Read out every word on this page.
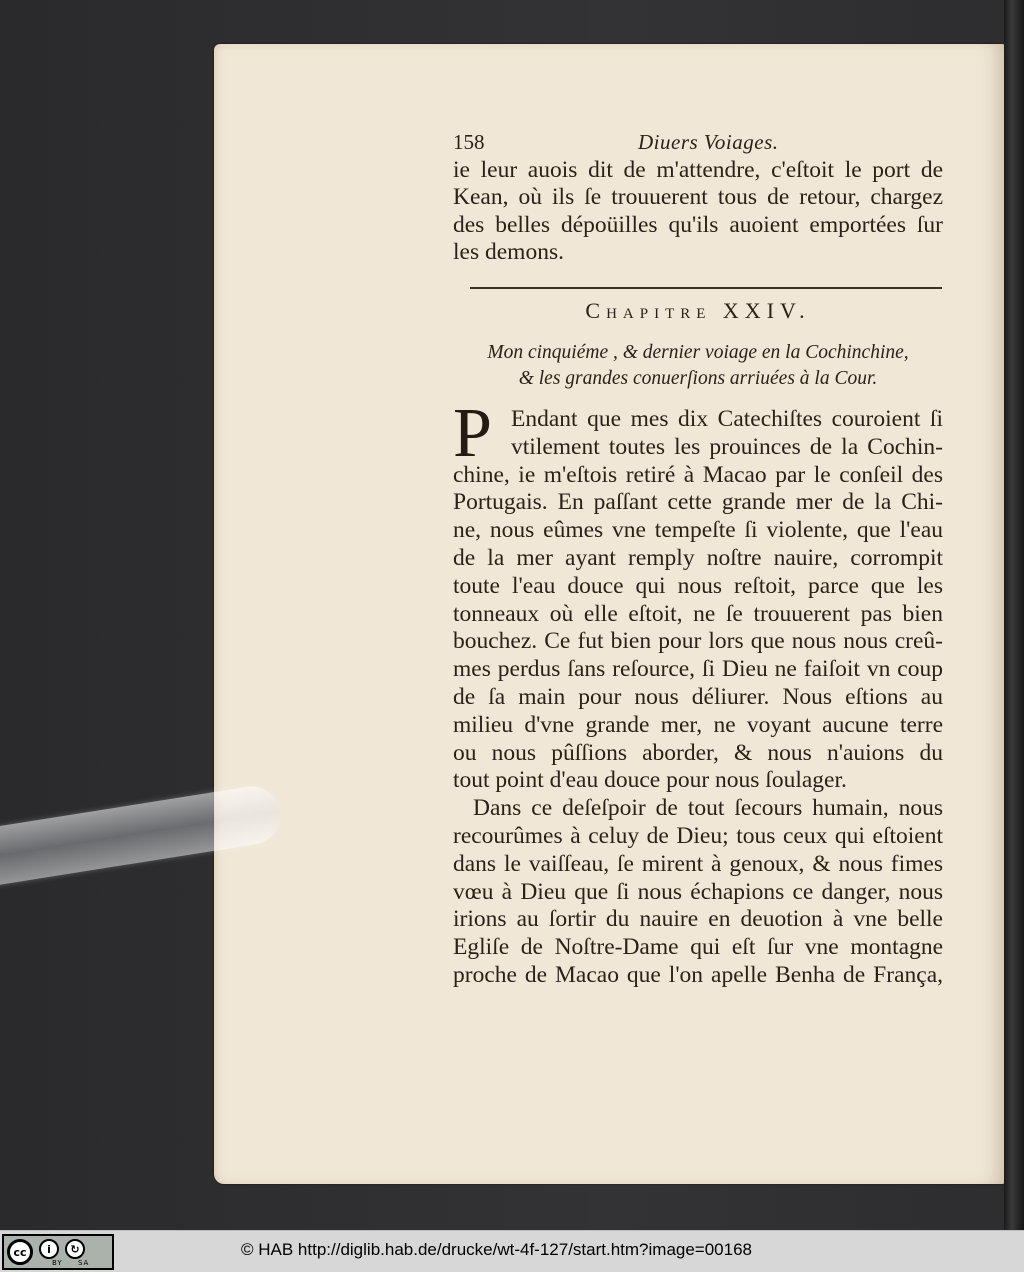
158	Diuers Voiages.
ie leur auois dit de m'attendre, c'eſtoit le port de
Kean, où ils ſe trouuerent tous de retour, chargez
des belles dépoüilles qu'ils auoient emportées ſur
les demons.
Chapitre XXIV.
Mon cinquiéme , & dernier voiage en la Cochinchine,
& les grandes conuerſions arriuées à la Cour.
P Endant que mes dix Catechiſtes couroient ſi
vtilement toutes les prouinces de la Cochin-
chine, ie m'eſtois retiré à Macao par le conſeil des
Portugais. En paſſant cette grande mer de la Chi-
ne, nous eûmes vne tempeſte ſi violente, que l'eau
de la mer ayant remply noſtre nauire, corrompit
toute l'eau douce qui nous reſtoit, parce que les
tonneaux où elle eſtoit, ne ſe trouuerent pas bien
bouchez. Ce fut bien pour lors que nous nous creû-
mes perdus ſans reſource, ſi Dieu ne faiſoit vn coup
de ſa main pour nous déliurer. Nous eſtions au
milieu d'vne grande mer, ne voyant aucune terre
ou nous pûſſions aborder, & nous n'auions du
tout point d'eau douce pour nous ſoulager.
Dans ce deſeſpoir de tout ſecours humain, nous
recourûmes à celuy de Dieu; tous ceux qui eſtoient
dans le vaiſſeau, ſe mirent à genoux, & nous fimes
vœu à Dieu que ſi nous échapions ce danger, nous
irions au ſortir du nauire en deuotion à vne belle
Egliſe de Noſtre-Dame qui eſt ſur vne montagne
proche de Macao que l'on apelle Benha de França,
cc	i	↻
BY SA
© HAB http://diglib.hab.de/drucke/wt-4f-127/start.htm?image=00168
